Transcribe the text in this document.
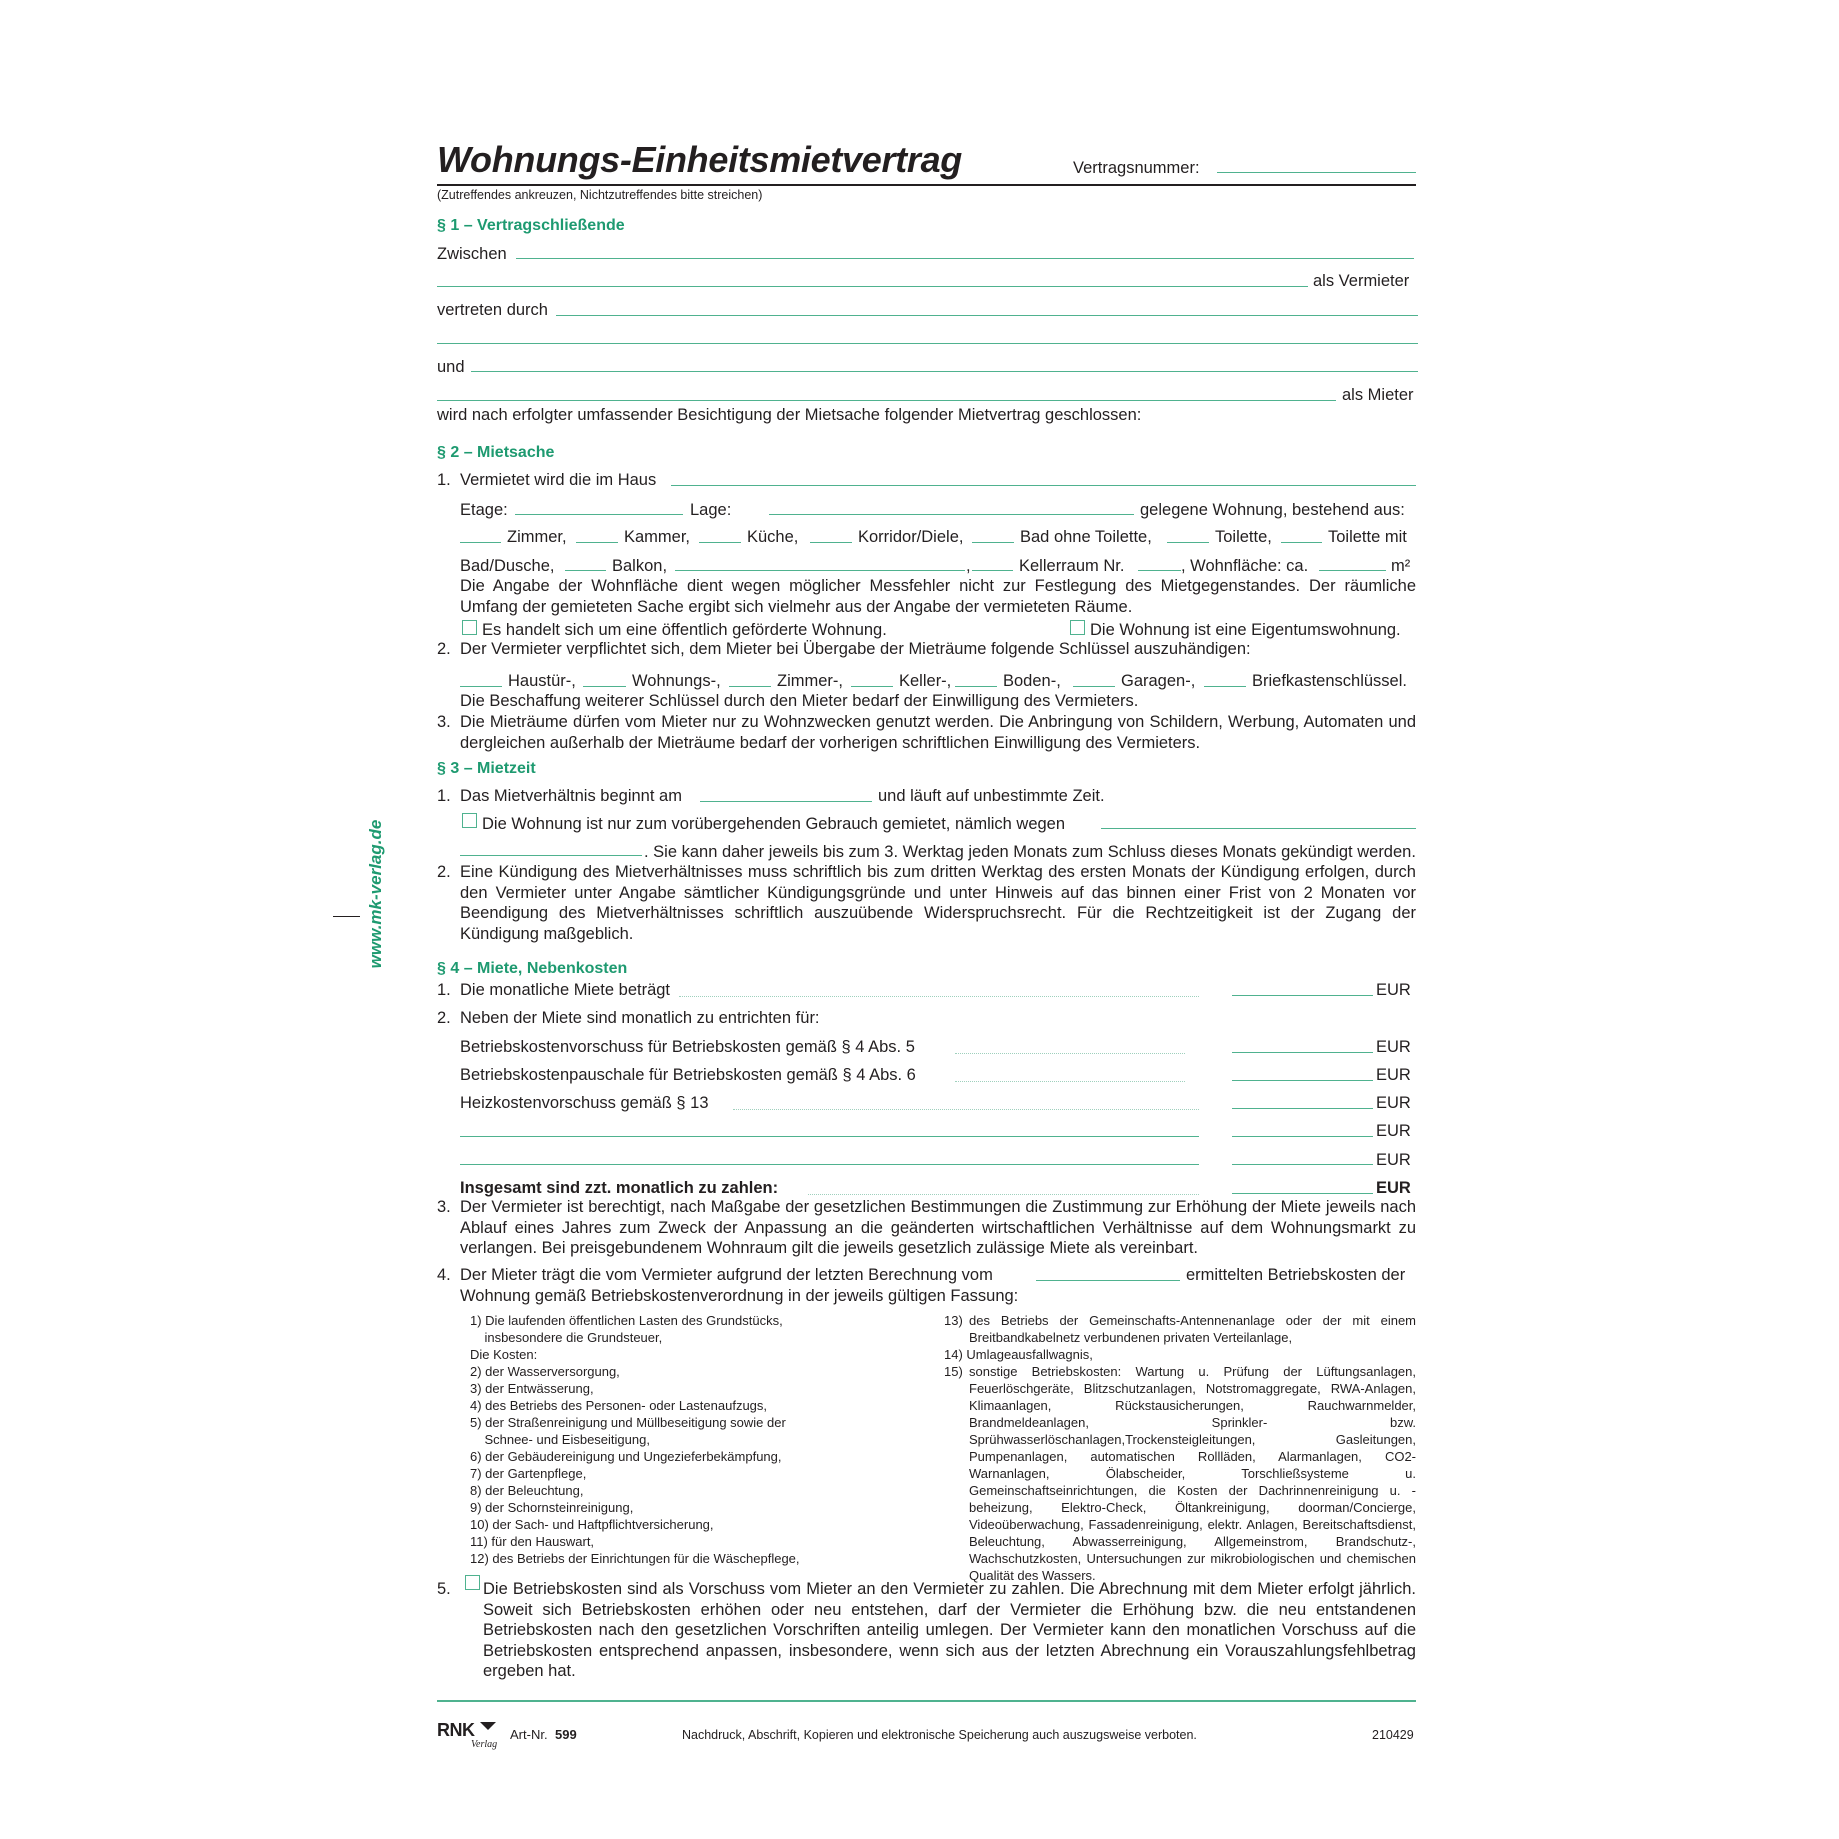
www.mk-verlag.de
Wohnungs-Einheitsmietvertrag	Vertragsnummer:
(Zutreffendes ankreuzen, Nichtzutreffendes bitte streichen)
§ 1 – Vertragschließende
Zwischen
als Vermieter
vertreten durch
und
als Mieter
wird nach erfolgter umfassender Besichtigung der Mietsache folgender Mietvertrag geschlossen:
§ 2 – Mietsache
1. Vermietet wird die im Haus
Etage:	Lage:	gelegene Wohnung, bestehend aus:
Zimmer,	Kammer,	Küche,	Korridor/Diele,	Bad ohne Toilette,	Toilette,	Toilette mit
Bad/Dusche,	Balkon,	,	Kellerraum Nr.	, Wohnfläche: ca.	m²
Die Angabe der Wohnfläche dient wegen möglicher Messfehler nicht zur Festlegung des Mietgegenstandes. Der räumliche Umfang der gemieteten Sache ergibt sich vielmehr aus der Angabe der vermieteten Räume.
Es handelt sich um eine öffentlich geförderte Wohnung.	Die Wohnung ist eine Eigentumswohnung.
2. Der Vermieter verpflichtet sich, dem Mieter bei Übergabe der Mieträume folgende Schlüssel auszuhändigen:
Haustür-,	Wohnungs-,	Zimmer-,	Keller-,	Boden-,	Garagen-,	Briefkastenschlüssel.
Die Beschaffung weiterer Schlüssel durch den Mieter bedarf der Einwilligung des Vermieters.
3. Die Mieträume dürfen vom Mieter nur zu Wohnzwecken genutzt werden. Die Anbringung von Schildern, Werbung, Automaten und dergleichen außerhalb der Mieträume bedarf der vorherigen schriftlichen Einwilligung des Vermieters.
§ 3 – Mietzeit
1. Das Mietverhältnis beginnt am	und läuft auf unbestimmte Zeit.
Die Wohnung ist nur zum vorübergehenden Gebrauch gemietet, nämlich wegen
. Sie kann daher jeweils bis zum 3. Werktag jeden Monats zum Schluss dieses Monats gekündigt werden.
2. Eine Kündigung des Mietverhältnisses muss schriftlich bis zum dritten Werktag des ersten Monats der Kündigung erfolgen, durch den Vermieter unter Angabe sämtlicher Kündigungsgründe und unter Hinweis auf das binnen einer Frist von 2 Monaten vor Beendigung des Mietverhältnisses schriftlich auszuübende Widerspruchsrecht. Für die Rechtzeitigkeit ist der Zugang der Kündigung maßgeblich.
§ 4 – Miete, Nebenkosten
1. Die monatliche Miete beträgt	EUR
2. Neben der Miete sind monatlich zu entrichten für:
Betriebskostenvorschuss für Betriebskosten gemäß § 4 Abs. 5	EUR
Betriebskostenpauschale für Betriebskosten gemäß § 4 Abs. 6	EUR
Heizkostenvorschuss gemäß § 13	EUR
EUR
EUR
Insgesamt sind zzt. monatlich zu zahlen:	EUR
3. Der Vermieter ist berechtigt, nach Maßgabe der gesetzlichen Bestimmungen die Zustimmung zur Erhöhung der Miete jeweils nach Ablauf eines Jahres zum Zweck der Anpassung an die geänderten wirtschaftlichen Verhältnisse auf dem Wohnungsmarkt zu verlangen. Bei preisgebundenem Wohnraum gilt die jeweils gesetzlich zulässige Miete als vereinbart.
4. Der Mieter trägt die vom Vermieter aufgrund der letzten Berechnung vom	ermittelten Betriebskosten der
Wohnung gemäß Betriebskostenverordnung in der jeweils gültigen Fassung:
1) Die laufenden öffentlichen Lasten des Grundstücks,
insbesondere die Grundsteuer,
Die Kosten:
2) der Wasserversorgung,
3) der Entwässerung,
4) des Betriebs des Personen- oder Lastenaufzugs,
5) der Straßenreinigung und Müllbeseitigung sowie der
Schnee- und Eisbeseitigung,
6) der Gebäudereinigung und Ungezieferbekämpfung,
7) der Gartenpflege,
8) der Beleuchtung,
9) der Schornsteinreinigung,
10) der Sach- und Haftpflichtversicherung,
11) für den Hauswart,
12) des Betriebs der Einrichtungen für die Wäschepflege,
13) des Betriebs der Gemeinschafts-Antennenanlage oder der mit einem Breitbandkabelnetz verbundenen privaten Verteilanlage,
14) Umlageausfallwagnis,
15) sonstige Betriebskosten: Wartung u. Prüfung der Lüftungsanlagen, Feuerlöschgeräte, Blitzschutzanlagen, Notstromaggregate, RWA-Anlagen, Klimaanlagen, Rückstausicherungen, Rauchwarnmelder, Brandmeldeanlagen, Sprinkler- bzw. Sprühwasserlöschanlagen,Trockensteigleitungen, Gasleitungen, Pumpenanlagen, automatischen Rollläden, Alarmanlagen, CO2-Warnanlagen, Ölabscheider, Torschließsysteme u. Gemeinschaftseinrichtungen, die Kosten der Dachrinnenreinigung u. -beheizung, Elektro-Check, Öltankreinigung, doorman/Concierge, Videoüberwachung, Fassadenreinigung, elektr. Anlagen, Bereitschaftsdienst, Beleuchtung, Abwasserreinigung, Allgemeinstrom, Brandschutz-, Wachschutzkosten, Untersuchungen zur mikrobiologischen und chemischen Qualität des Wassers.
5. Die Betriebskosten sind als Vorschuss vom Mieter an den Vermieter zu zahlen. Die Abrechnung mit dem Mieter erfolgt jährlich. Soweit sich Betriebskosten erhöhen oder neu entstehen, darf der Vermieter die Erhöhung bzw. die neu entstandenen Betriebskosten nach den gesetzlichen Vorschriften anteilig umlegen. Der Vermieter kann den monatlichen Vorschuss auf die Betriebskosten entsprechend anpassen, insbesondere, wenn sich aus der letzten Abrechnung ein Vorauszahlungsfehlbetrag ergeben hat.
RNK
Verlag
Art-Nr. 599	Nachdruck, Abschrift, Kopieren und elektronische Speicherung auch auszugsweise verboten.	210429
